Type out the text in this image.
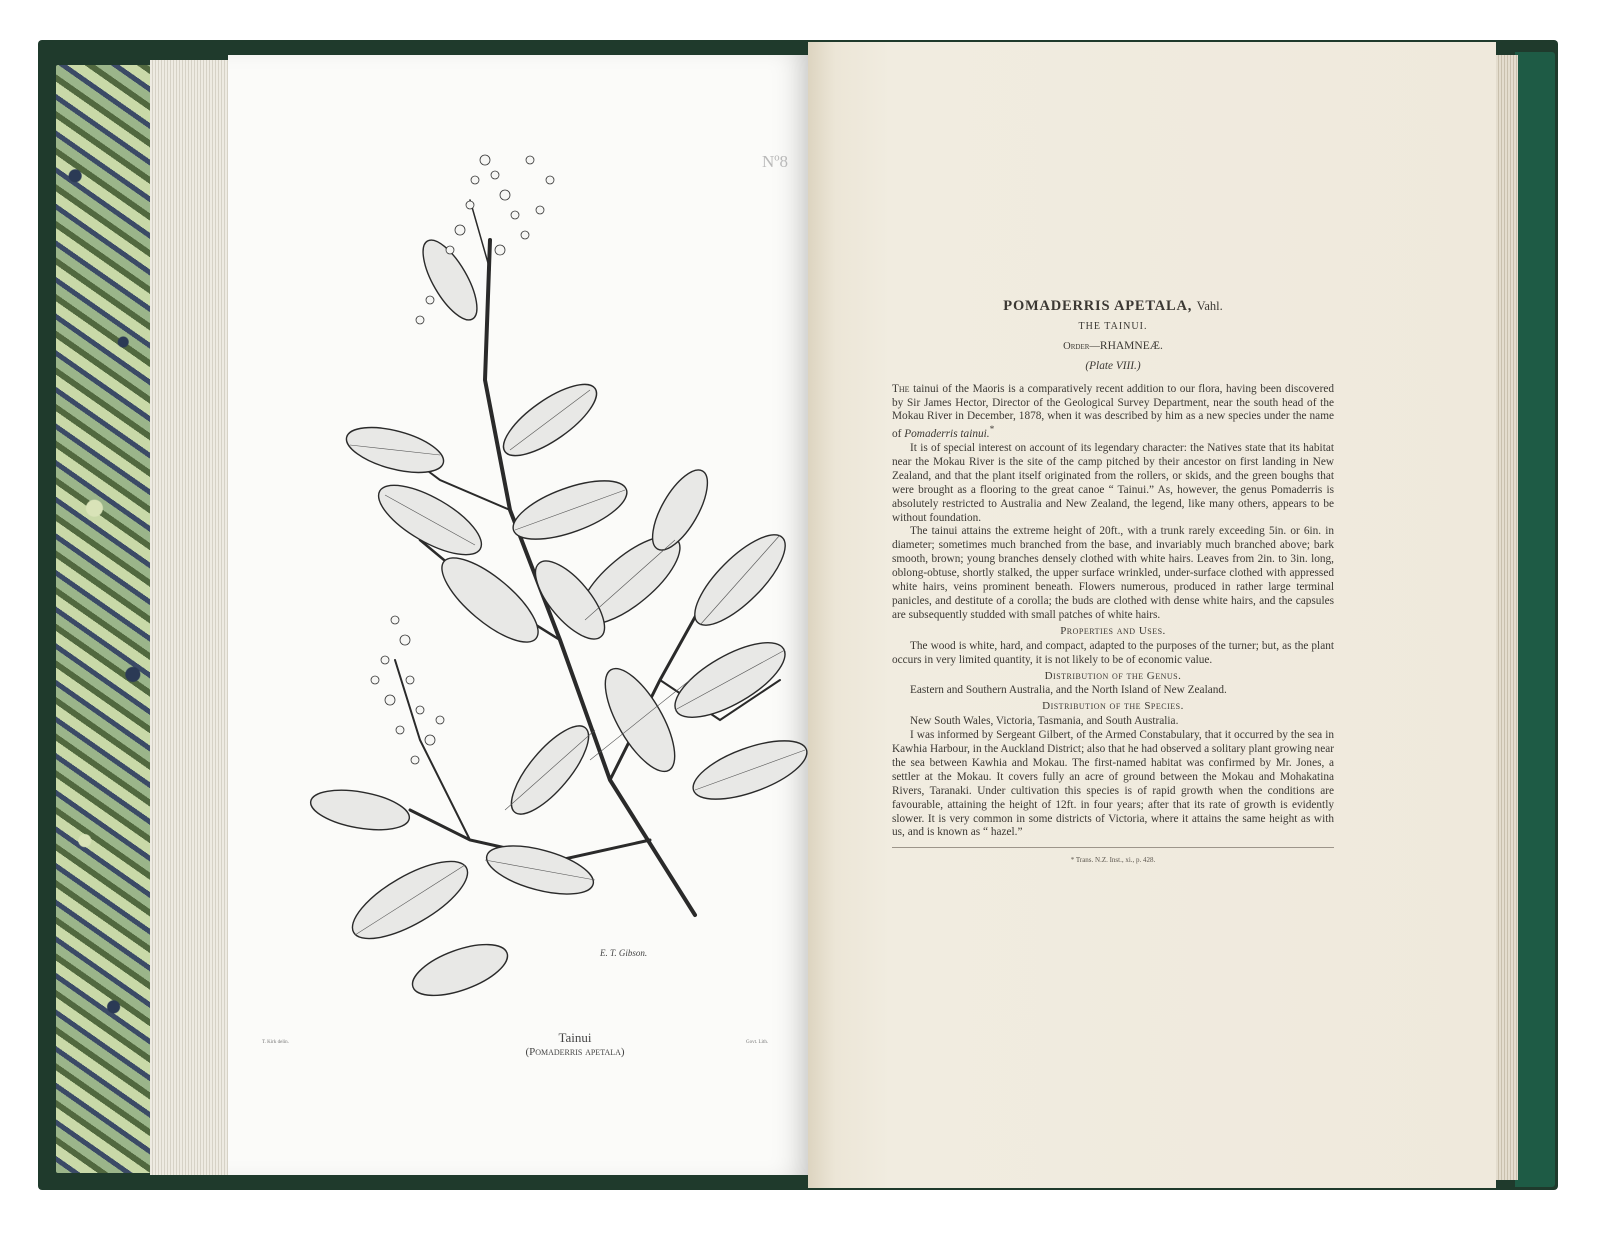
Nº8
E. T. Gibson.
T. Kirk delin.	Govt. Lith.
Tainui
(Pomaderris apetala)
POMADERRIS APETALA, Vahl.
THE TAINUI.
Order—RHAMNEÆ.
(Plate VIII.)

The tainui of the Maoris is a comparatively recent addition to our flora, having been discovered by Sir James Hector, Director of the Geological Survey Department, near the south head of the Mokau River in December, 1878, when it was described by him as a new species under the name of Pomaderris tainui.*

It is of special interest on account of its legendary character: the Natives state that its habitat near the Mokau River is the site of the camp pitched by their ancestor on first landing in New Zealand, and that the plant itself originated from the rollers, or skids, and the green boughs that were brought as a flooring to the great canoe “ Tainui.” As, however, the genus Pomaderris is absolutely restricted to Australia and New Zealand, the legend, like many others, appears to be without foundation.

The tainui attains the extreme height of 20ft., with a trunk rarely exceeding 5in. or 6in. in diameter; sometimes much branched from the base, and invariably much branched above; bark smooth, brown; young branches densely clothed with white hairs. Leaves from 2in. to 3in. long, oblong-obtuse, shortly stalked, the upper surface wrinkled, under-surface clothed with appressed white hairs, veins prominent beneath. Flowers numerous, produced in rather large terminal panicles, and destitute of a corolla; the buds are clothed with dense white hairs, and the capsules are subsequently studded with small patches of white hairs.

Properties and Uses.

The wood is white, hard, and compact, adapted to the purposes of the turner; but, as the plant occurs in very limited quantity, it is not likely to be of economic value.

Distribution of the Genus.

Eastern and Southern Australia, and the North Island of New Zealand.

Distribution of the Species.

New South Wales, Victoria, Tasmania, and South Australia.

I was informed by Sergeant Gilbert, of the Armed Constabulary, that it occurred by the sea in Kawhia Harbour, in the Auckland District; also that he had observed a solitary plant growing near the sea between Kawhia and Mokau. The first-named habitat was confirmed by Mr. Jones, a settler at the Mokau. It covers fully an acre of ground between the Mokau and Mohakatina Rivers, Taranaki. Under cultivation this species is of rapid growth when the conditions are favourable, attaining the height of 12ft. in four years; after that its rate of growth is evidently slower. It is very common in some districts of Victoria, where it attains the same height as with us, and is known as “ hazel.”

* Trans. N.Z. Inst., xi., p. 428.
